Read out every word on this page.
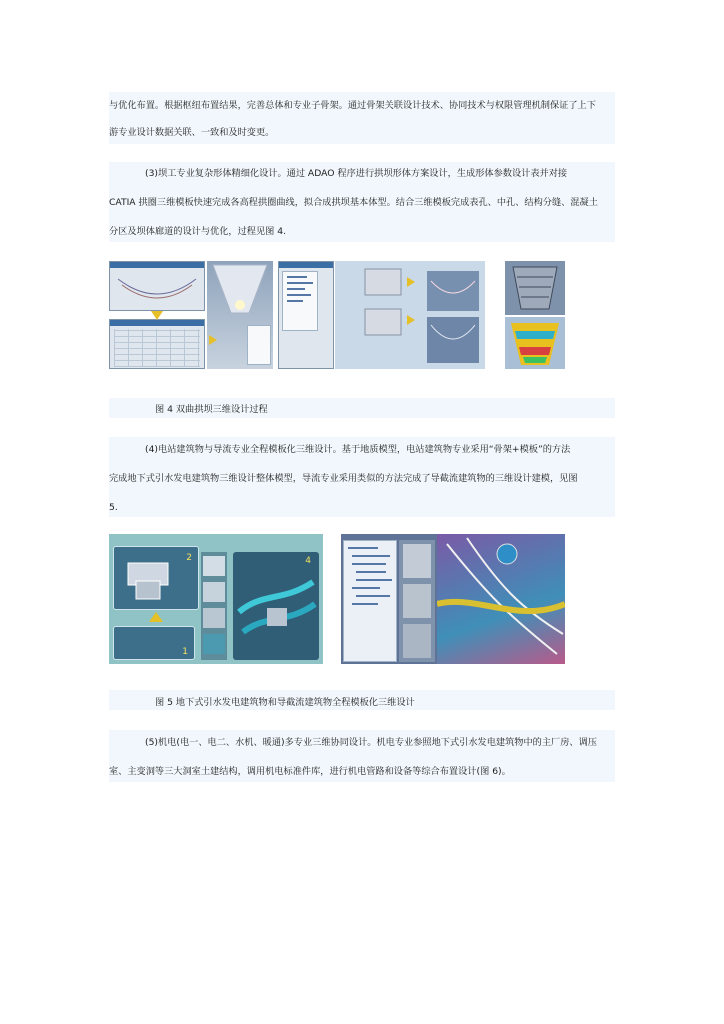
与优化布置。根据枢纽布置结果，完善总体和专业子骨架。通过骨架关联设计技术、协同技术与权限管理机制保证了上下
游专业设计数据关联、一致和及时变更。
(3)坝工专业复杂形体精细化设计。通过 ADAO 程序进行拱坝形体方案设计，生成形体参数设计表并对接
CATIA 拱圈三维模板快速完成各高程拱圈曲线，拟合成拱坝基本体型。结合三维模板完成表孔、中孔、结构分缝、混凝土
分区及坝体廊道的设计与优化，过程见图 4.
图 4 双曲拱坝三维设计过程
(4)电站建筑物与导流专业全程模板化三维设计。基于地质模型，电站建筑物专业采用“骨架+模板”的方法
完成地下式引水发电建筑物三维设计整体模型，导流专业采用类似的方法完成了导截流建筑物的三维设计建模，见图
5.
2
1
4
图 5 地下式引水发电建筑物和导截流建筑物全程模板化三维设计
(5)机电(电一、电二、水机、暖通)多专业三维协同设计。机电专业参照地下式引水发电建筑物中的主厂房、调压
室、主变洞等三大洞室土建结构，调用机电标准件库，进行机电管路和设备等综合布置设计(图 6)。
